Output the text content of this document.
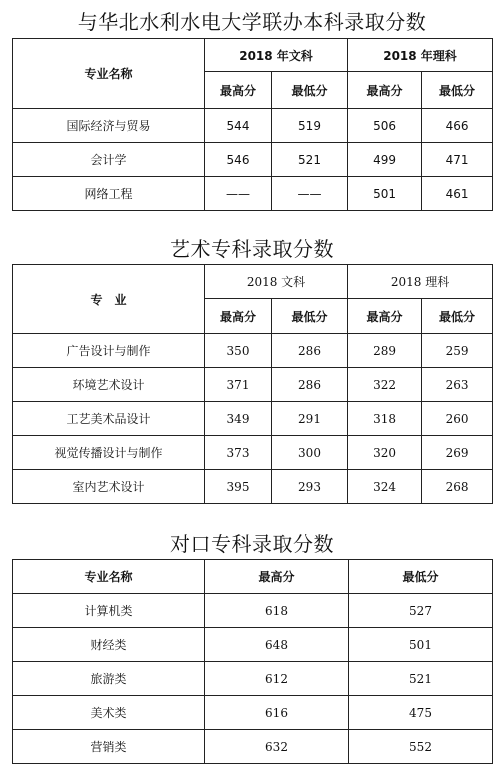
与华北水利水电大学联办本科录取分数
专业名称	2018 年文科		2018 年理科	
	最高分	最低分	最高分	最低分
国际经济与贸易	544	519	506	466
会计学	546	521	499	471
网络工程	——	——	501	461
艺术专科录取分数
专　业	2018 文科		2018 理科	
	最高分	最低分	最高分	最低分
广告设计与制作	350	286	289	259
环境艺术设计	371	286	322	263
工艺美术品设计	349	291	318	260
视觉传播设计与制作	373	300	320	269
室内艺术设计	395	293	324	268
对口专科录取分数
专业名称	最高分	最低分
计算机类	618	527
财经类	648	501
旅游类	612	521
美术类	616	475
营销类	632	552
